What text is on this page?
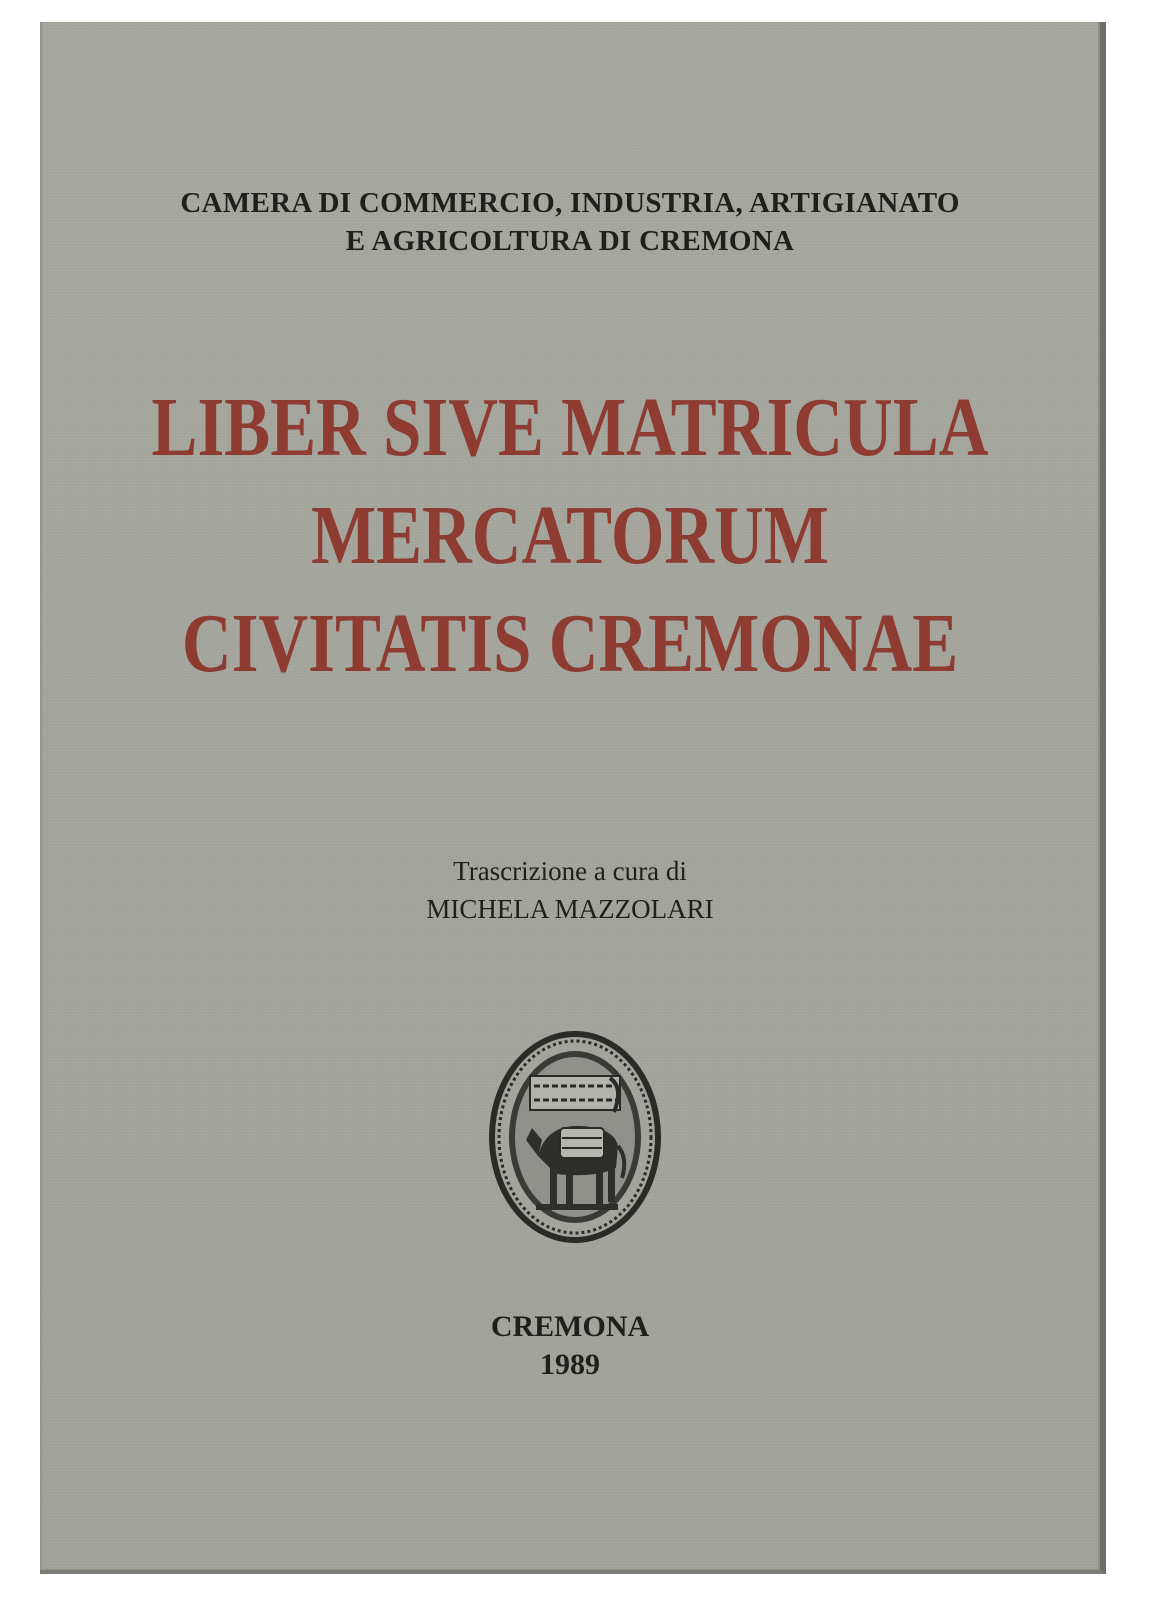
CAMERA DI COMMERCIO, INDUSTRIA, ARTIGIANATO
E AGRICOLTURA DI CREMONA
LIBER SIVE MATRICULA
MERCATORUM
CIVITATIS CREMONAE
Trascrizione a cura di
MICHELA MAZZOLARI
CREMONA
1989
